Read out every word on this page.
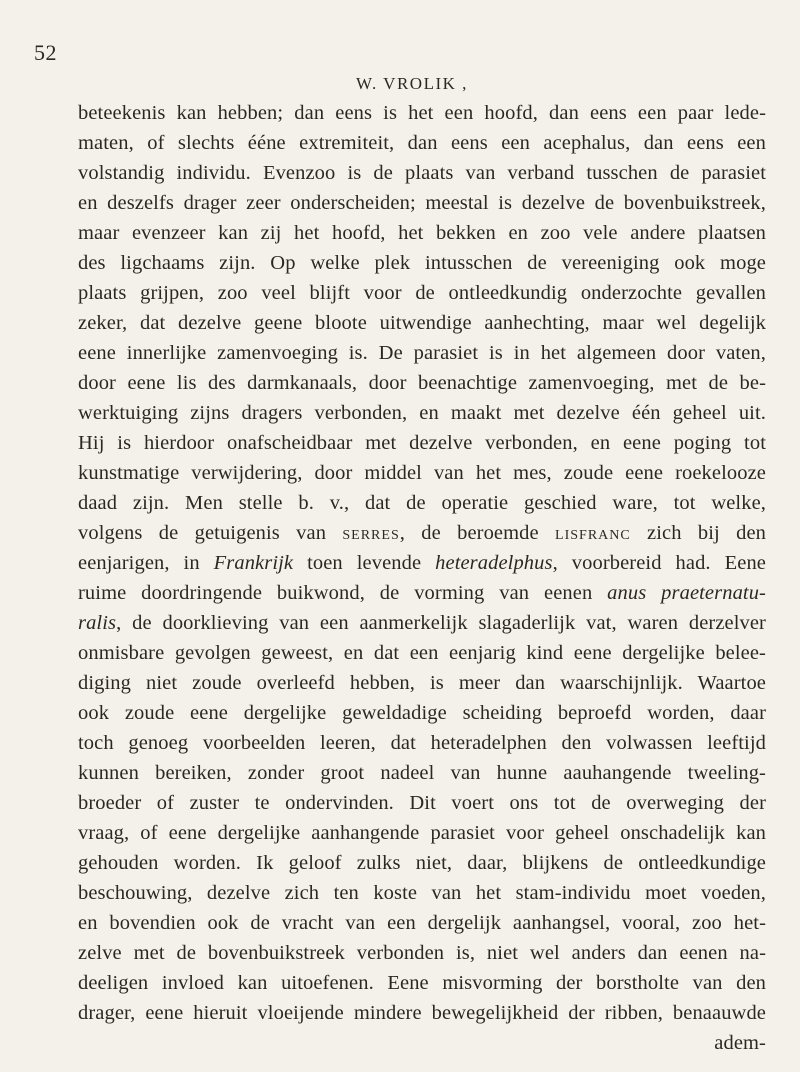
52
W. VROLIK ,
beteekenis kan hebben; dan eens is het een hoofd, dan eens een paar lede-
maten, of slechts ééne extremiteit, dan eens een acephalus, dan eens een
volstandig individu. Evenzoo is de plaats van verband tusschen de parasiet
en deszelfs drager zeer onderscheiden; meestal is dezelve de bovenbuikstreek,
maar evenzeer kan zij het hoofd, het bekken en zoo vele andere plaatsen
des ligchaams zijn. Op welke plek intusschen de vereeniging ook moge
plaats grijpen, zoo veel blijft voor de ontleedkundig onderzochte gevallen
zeker, dat dezelve geene bloote uitwendige aanhechting, maar wel degelijk
eene innerlijke zamenvoeging is. De parasiet is in het algemeen door vaten,
door eene lis des darmkanaals, door beenachtige zamenvoeging, met de be-
werktuiging zijns dragers verbonden, en maakt met dezelve één geheel uit.
Hij is hierdoor onafscheidbaar met dezelve verbonden, en eene poging tot
kunstmatige verwijdering, door middel van het mes, zoude eene roekelooze
daad zijn. Men stelle b. v., dat de operatie geschied ware, tot welke,
volgens de getuigenis van serres, de beroemde lisfranc zich bij den
eenjarigen, in Frankrijk toen levende heteradelphus, voorbereid had. Eene
ruime doordringende buikwond, de vorming van eenen anus praeternatu-
ralis, de doorklieving van een aanmerkelijk slagaderlijk vat, waren derzelver
onmisbare gevolgen geweest, en dat een eenjarig kind eene dergelijke belee-
diging niet zoude overleefd hebben, is meer dan waarschijnlijk. Waartoe
ook zoude eene dergelijke geweldadige scheiding beproefd worden, daar
toch genoeg voorbeelden leeren, dat heteradelphen den volwassen leeftijd
kunnen bereiken, zonder groot nadeel van hunne aauhangende tweeling-
broeder of zuster te ondervinden. Dit voert ons tot de overweging der
vraag, of eene dergelijke aanhangende parasiet voor geheel onschadelijk kan
gehouden worden. Ik geloof zulks niet, daar, blijkens de ontleedkundige
beschouwing, dezelve zich ten koste van het stam-individu moet voeden,
en bovendien ook de vracht van een dergelijk aanhangsel, vooral, zoo het-
zelve met de bovenbuikstreek verbonden is, niet wel anders dan eenen na-
deeligen invloed kan uitoefenen. Eene misvorming der borstholte van den
drager, eene hieruit vloeijende mindere bewegelijkheid der ribben, benaauwde
adem-
